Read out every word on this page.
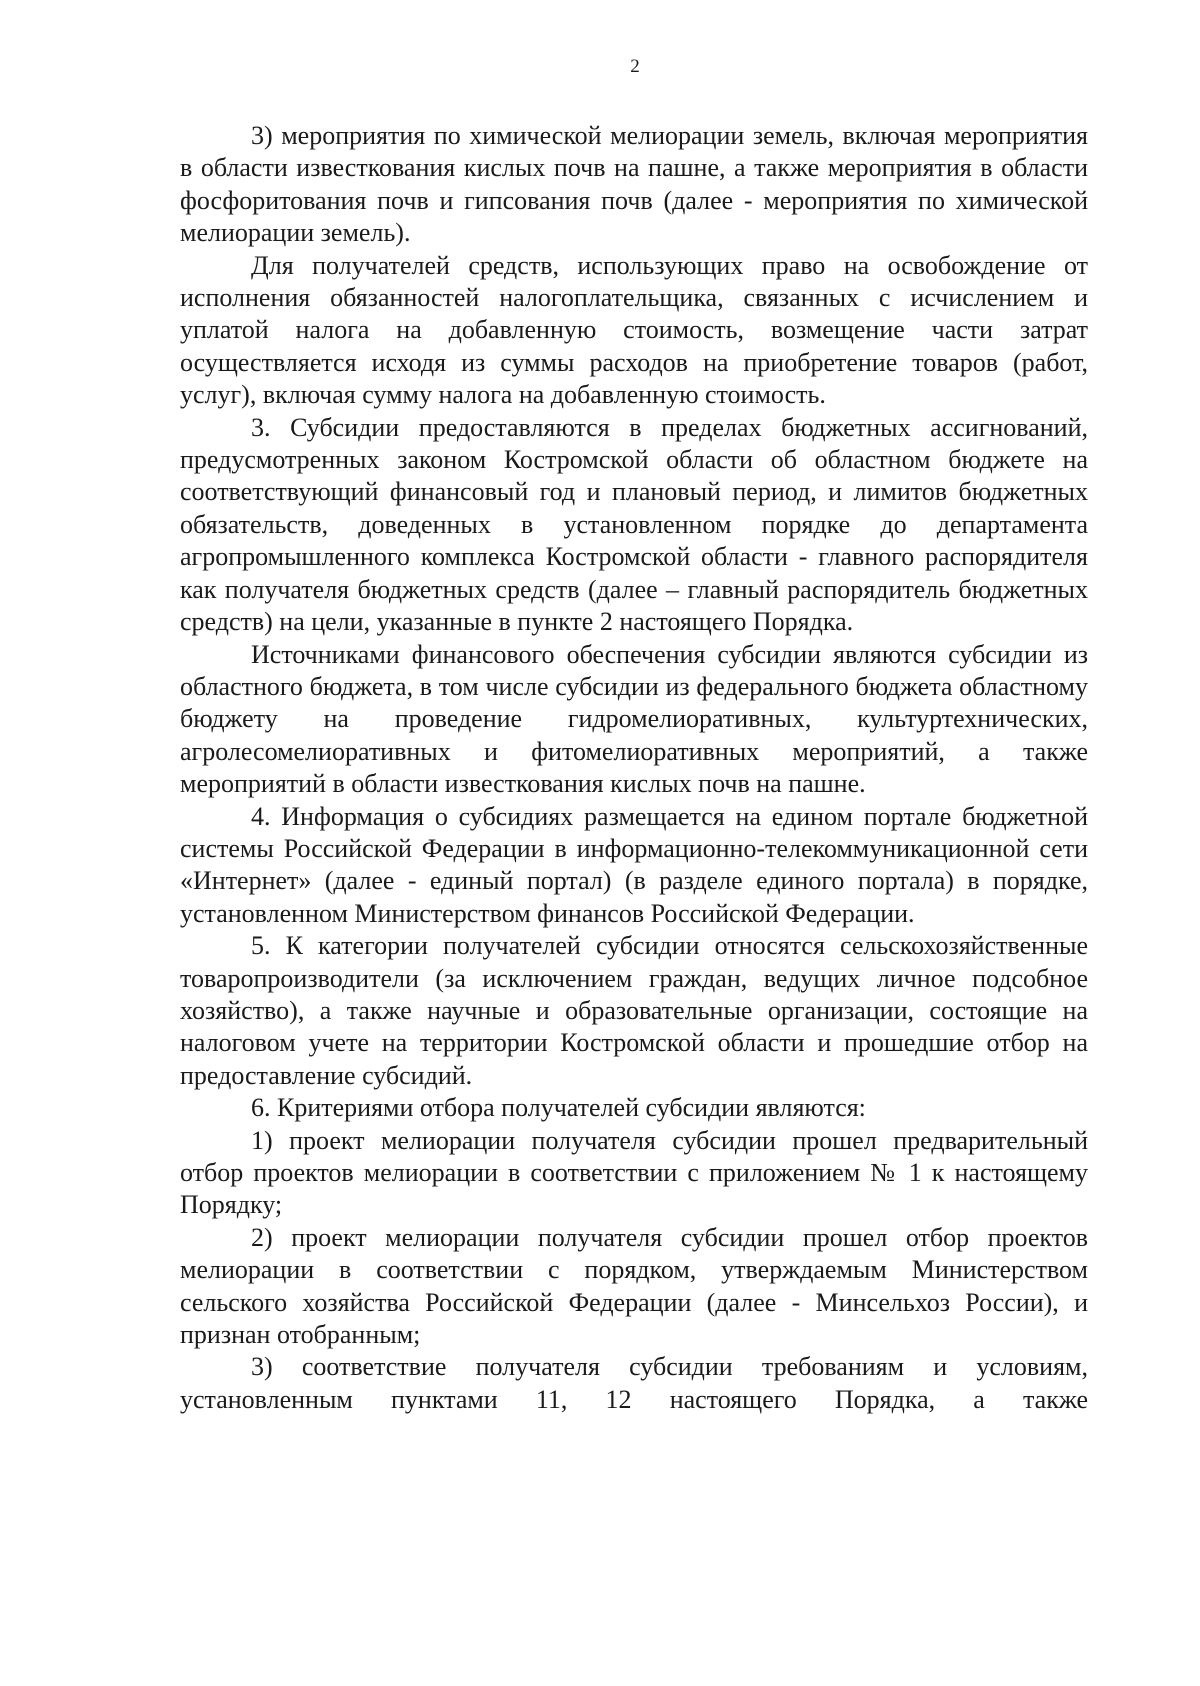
2

3) мероприятия по химической мелиорации земель, включая мероприятия в области известкования кислых почв на пашне, а также мероприятия в области фосфоритования почв и гипсования почв (далее - мероприятия по химической мелиорации земель).

Для получателей средств, использующих право на освобождение от исполнения обязанностей налогоплательщика, связанных с исчислением и уплатой налога на добавленную стоимость, возмещение части затрат осуществляется исходя из суммы расходов на приобретение товаров (работ, услуг), включая сумму налога на добавленную стоимость.

3. Субсидии предоставляются в пределах бюджетных ассигнований, предусмотренных законом Костромской области об областном бюджете на соответствующий финансовый год и плановый период, и лимитов бюджетных обязательств, доведенных в установленном порядке до департамента агропромышленного комплекса Костромской области - главного распорядителя как получателя бюджетных средств (далее – главный распорядитель бюджетных средств) на цели, указанные в пункте 2 настоящего Порядка.

Источниками финансового обеспечения субсидии являются субсидии из областного бюджета, в том числе субсидии из федерального бюджета областному бюджету на проведение гидромелиоративных, культуртехнических, агролесомелиоративных и фитомелиоративных мероприятий, а также мероприятий в области известкования кислых почв на пашне.

4. Информация о субсидиях размещается на едином портале бюджетной системы Российской Федерации в информационно-телекоммуникационной сети «Интернет» (далее - единый портал) (в разделе единого портала) в порядке, установленном Министерством финансов Российской Федерации.

5. К категории получателей субсидии относятся сельскохозяйственные товаропроизводители (за исключением граждан, ведущих личное подсобное хозяйство), а также научные и образовательные организации, состоящие на налоговом учете на территории Костромской области и прошедшие отбор на предоставление субсидий.

6. Критериями отбора получателей субсидии являются:

1) проект мелиорации получателя субсидии прошел предварительный отбор проектов мелиорации в соответствии с приложением № 1 к настоящему Порядку;

2) проект мелиорации получателя субсидии прошел отбор проектов мелиорации в соответствии с порядком, утверждаемым Министерством сельского хозяйства Российской Федерации (далее - Минсельхоз России), и признан отобранным;

3) соответствие получателя субсидии требованиям и условиям, установленным пунктами 11, 12 настоящего Порядка, а также
